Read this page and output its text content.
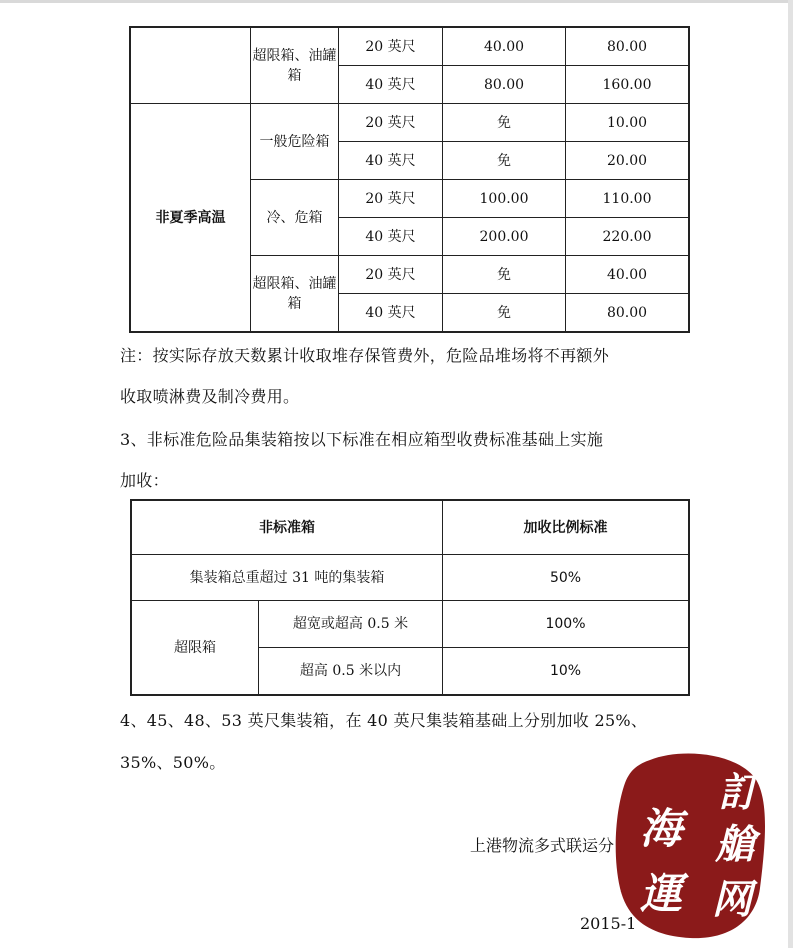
	超限箱、油罐箱	20 英尺	40.00	80.00
		40 英尺	80.00	160.00
非夏季高温	一般危险箱	20 英尺	免	10.00
		40 英尺	免	20.00
	冷、危箱	20 英尺	100.00	110.00
		40 英尺	200.00	220.00
	超限箱、油罐箱	20 英尺	免	40.00
		40 英尺	免	80.00

注：按实际存放天数累计收取堆存保管费外，危险品堆场将不再额外

收取喷淋费及制冷费用。

3、非标准危险品集装箱按以下标准在相应箱型收费标准基础上实施

加收：

非标准箱		加收比例标准
集装箱总重超过 31 吨的集装箱		50%
超限箱	超宽或超高 0.5 米	100%
	超高 0.5 米以内	10%

4、45、48、53 英尺集装箱，在 40 英尺集装箱基础上分别加收 25%、

35%、50%。

上港物流多式联运分
2015-1
訂
艙
网
海
運
